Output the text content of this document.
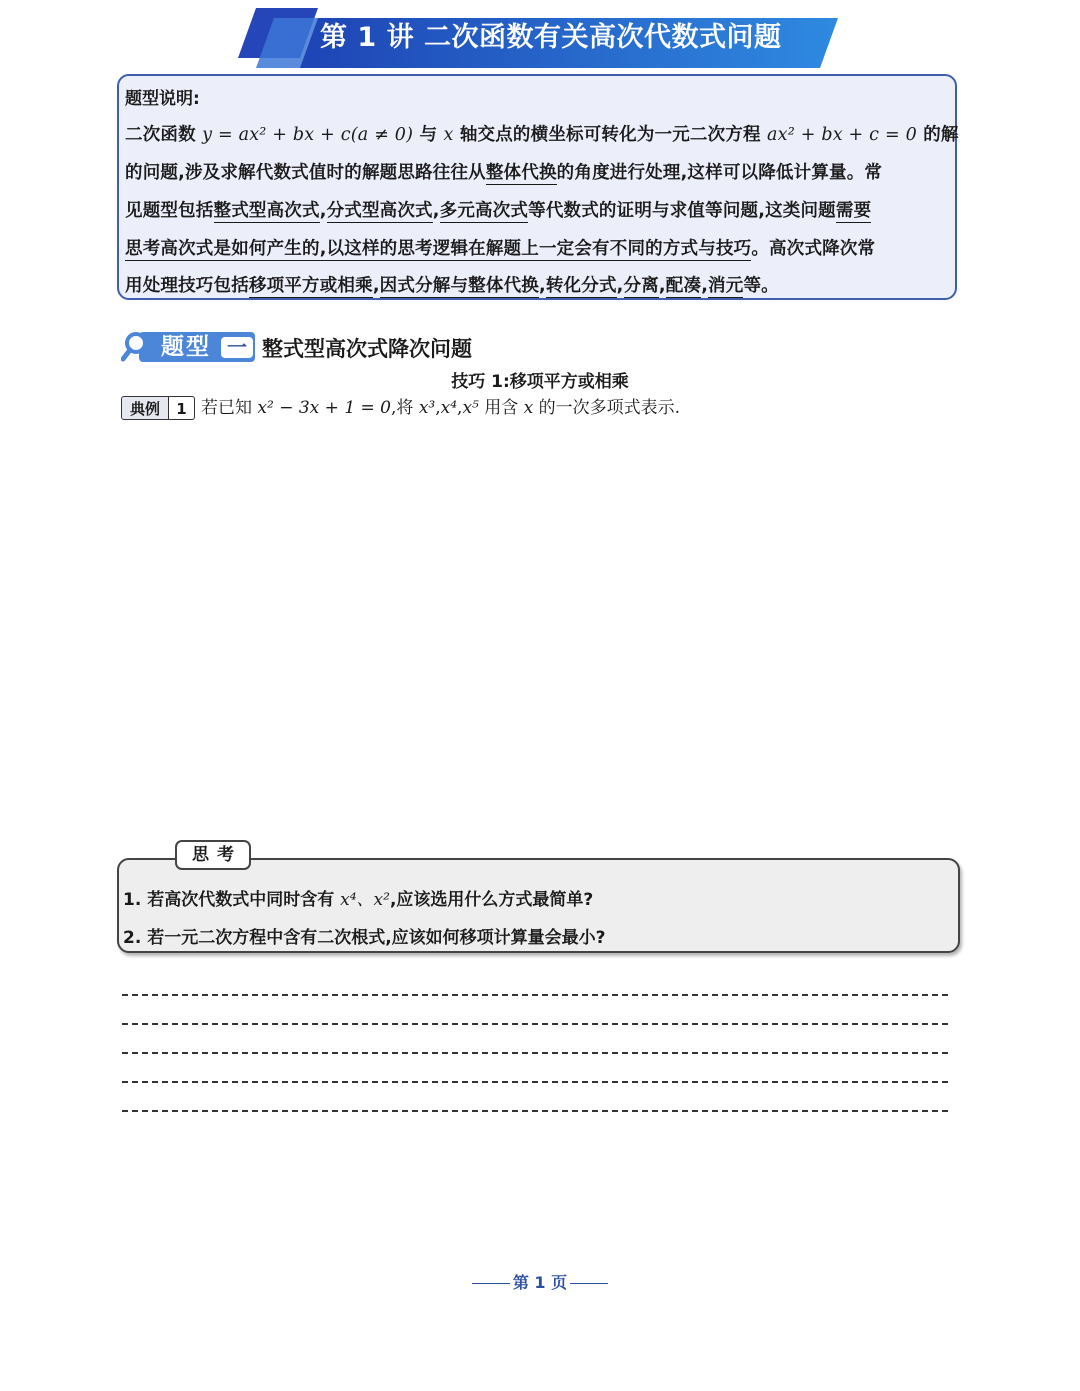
第 1 讲 二次函数有关高次代数式问题
题型说明:
二次函数 y = ax² + bx + c(a ≠ 0) 与 x 轴交点的横坐标可转化为一元二次方程 ax² + bx + c = 0 的解
的问题,涉及求解代数式值时的解题思路往往从整体代换的角度进行处理,这样可以降低计算量。常
见题型包括整式型高次式,分式型高次式,多元高次式等代数式的证明与求值等问题,这类问题需要
思考高次式是如何产生的,以这样的思考逻辑在解题上一定会有不同的方式与技巧。高次式降次常
用处理技巧包括移项平方或相乘,因式分解与整体代换,转化分式,分离,配凑,消元等。
题型 一 整式型高次式降次问题
技巧 1:移项平方或相乘
典例	1 若已知 x² − 3x + 1 = 0,将 x³,x⁴,x⁵ 用含 x 的一次多项式表示.
1. 若高次代数式中同时含有 x⁴、x²,应该选用什么方式最简单?
2. 若一元二次方程中含有二次根式,应该如何移项计算量会最小?
思考
第 1 页
